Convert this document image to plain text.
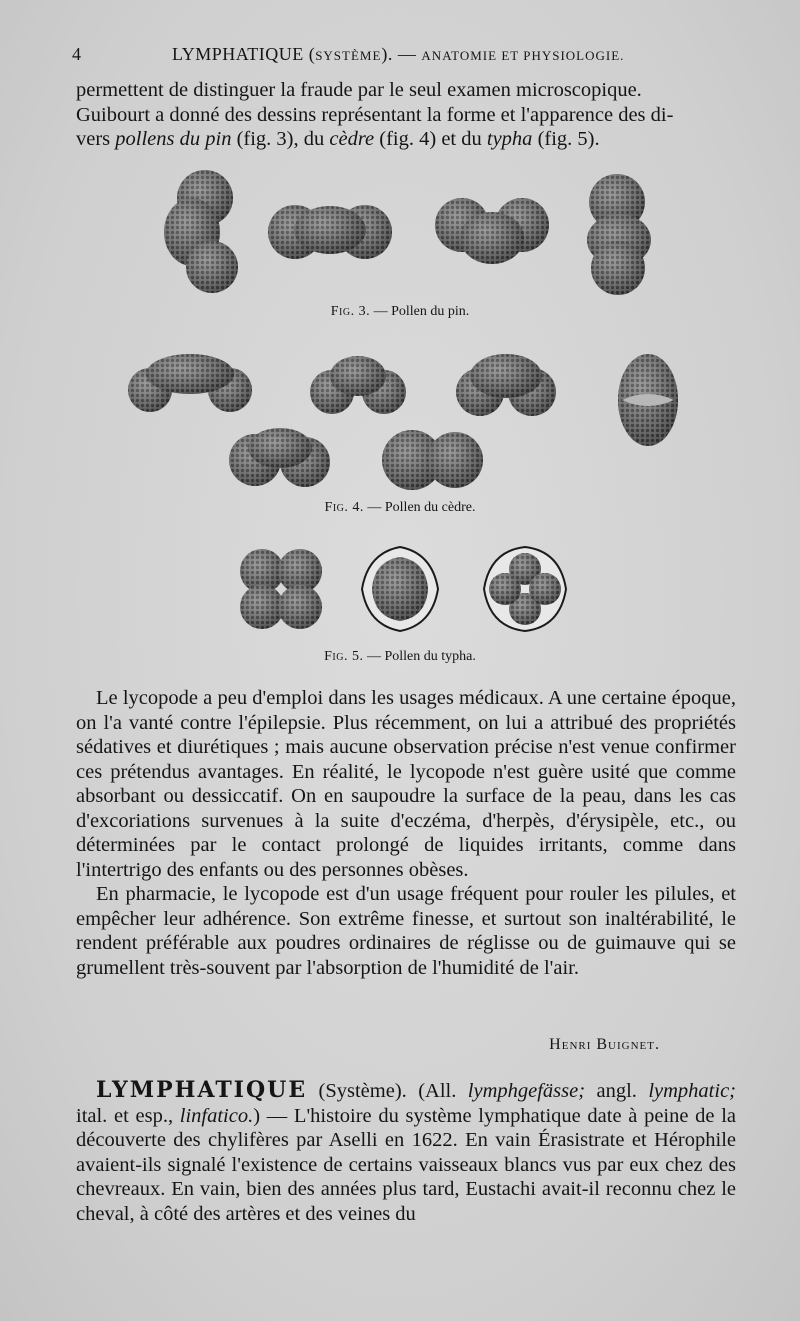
4	LYMPHATIQUE (SYSTÈME). — ANATOMIE ET PHYSIOLOGIE.

permettent de distinguer la fraude par le seul examen microscopique.

Guibourt a donné des dessins représentant la forme et l'apparence des di-

vers pollens du pin (fig. 3), du cèdre (fig. 4) et du typha (fig. 5).

Fig. 3. — Pollen du pin.
Fig. 4. — Pollen du cèdre.
Fig. 5. — Pollen du typha.

Le lycopode a peu d'emploi dans les usages médicaux. A une certaine époque, on l'a vanté contre l'épilepsie. Plus récemment, on lui a attribué des propriétés sédatives et diurétiques ; mais aucune observation précise n'est venue confirmer ces prétendus avantages. En réalité, le lycopode n'est guère usité que comme absorbant ou dessiccatif. On en saupoudre la surface de la peau, dans les cas d'excoriations survenues à la suite d'eczéma, d'herpès, d'érysipèle, etc., ou déterminées par le contact prolongé de liquides irritants, comme dans l'intertrigo des enfants ou des personnes obèses.

En pharmacie, le lycopode est d'un usage fréquent pour rouler les pilules, et empêcher leur adhérence. Son extrême finesse, et surtout son inaltérabilité, le rendent préférable aux poudres ordinaires de réglisse ou de guimauve qui se grumellent très-souvent par l'absorption de l'humidité de l'air.

Henri Buignet.

LYMPHATIQUE (Système). (All. lymphgefässe; angl. lymphatic; ital. et esp., linfatico.) — L'histoire du système lymphatique date à peine de la découverte des chylifères par Aselli en 1622. En vain Érasistrate et Hérophile avaient-ils signalé l'existence de certains vaisseaux blancs vus par eux chez des chevreaux. En vain, bien des années plus tard, Eustachi avait-il reconnu chez le cheval, à côté des artères et des veines du
